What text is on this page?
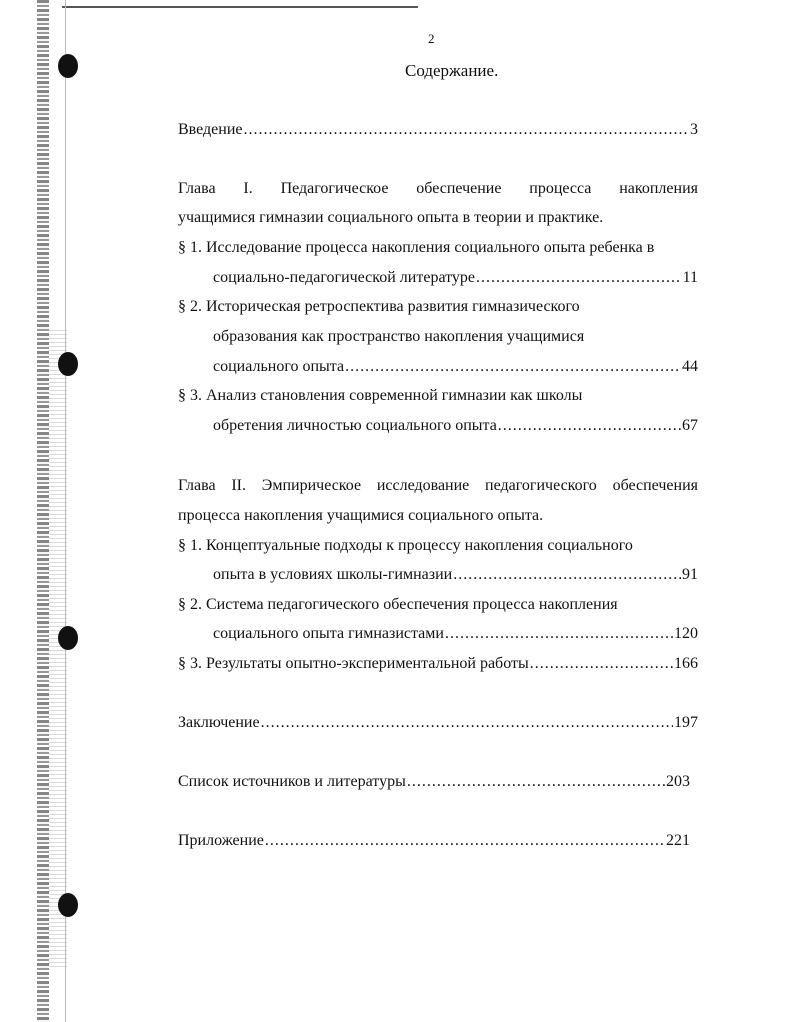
2
Содержание.
Введение .....	3
Глава I. Педагогическое обеспечение процесса накопления
учащимися гимназии социального опыта в теории и практике.
§ 1. Исследование процесса накопления социального опыта ребенка в
социально-педагогической литературе .....	11
§ 2. Историческая ретроспектива развития гимназического
образования как пространство накопления учащимися
социального опыта .....	44
§ 3. Анализ становления современной гимназии как школы
обретения личностью социального опыта .....	67
Глава II. Эмпирическое исследование педагогического обеспечения
процесса накопления учащимися социального опыта.
§ 1. Концептуальные подходы к процессу накопления социального
опыта в условиях школы-гимназии .....	91
§ 2. Система педагогического обеспечения процесса накопления
социального опыта гимназистами .....	120
§ 3. Результаты опытно-экспериментальной работы .....	166
Заключение .....	197
Список источников и литературы .....	203
Приложение .....	221
